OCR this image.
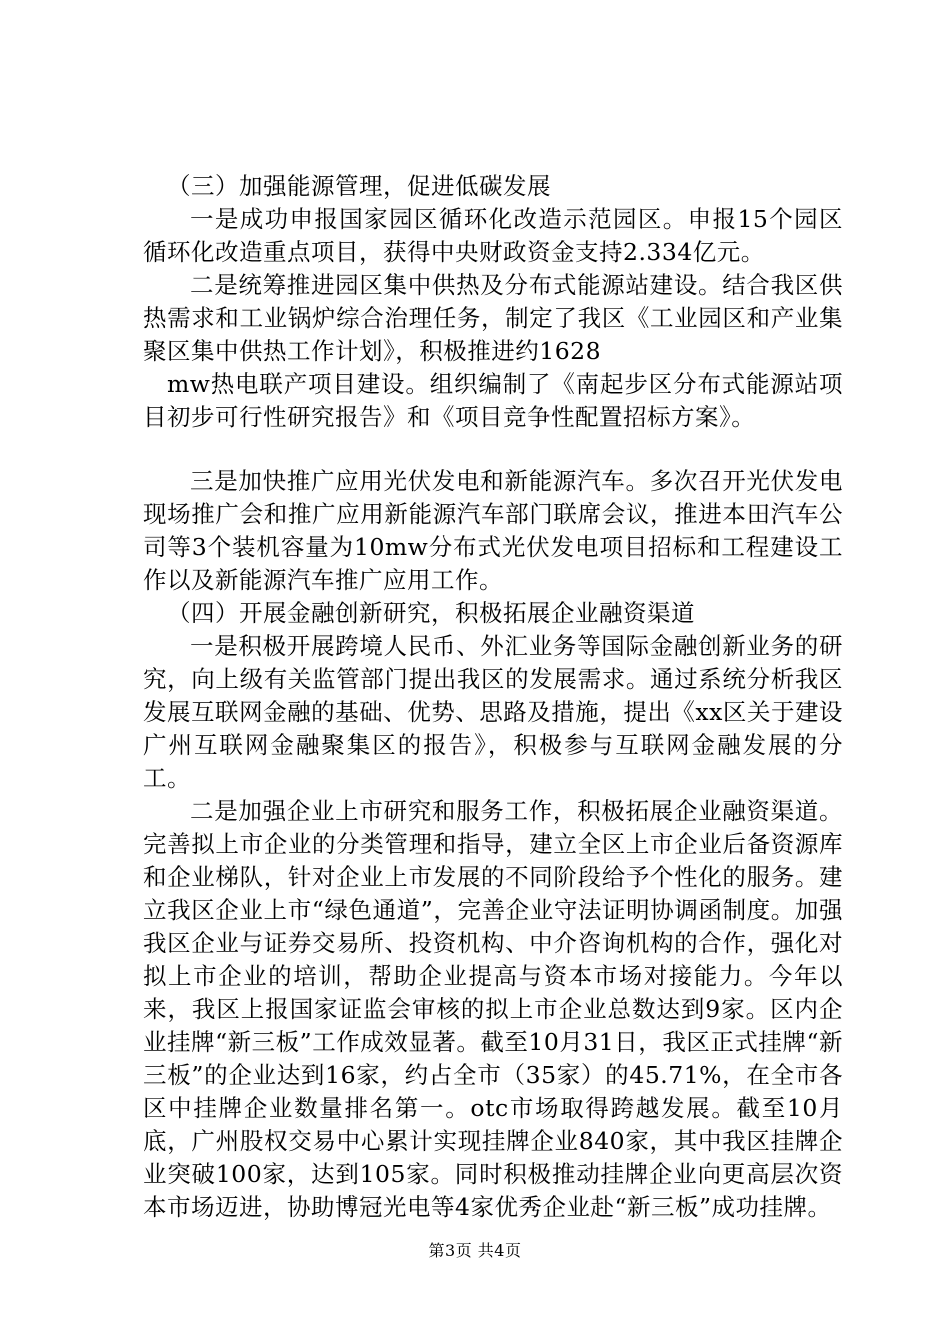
（三）加强能源管理，促进低碳发展

一是成功申报国家园区循环化改造示范园区。申报15个园区循环化改造重点项目，获得中央财政资金支持2.334亿元。

二是统筹推进园区集中供热及分布式能源站建设。结合我区供热需求和工业锅炉综合治理任务，制定了我区《工业园区和产业集聚区集中供热工作计划》，积极推进约1628

mw热电联产项目建设。组织编制了《南起步区分布式能源站项目初步可行性研究报告》和《项目竞争性配置招标方案》。

三是加快推广应用光伏发电和新能源汽车。多次召开光伏发电现场推广会和推广应用新能源汽车部门联席会议，推进本田汽车公司等3个装机容量为10mw分布式光伏发电项目招标和工程建设工作以及新能源汽车推广应用工作。

（四）开展金融创新研究，积极拓展企业融资渠道

一是积极开展跨境人民币、外汇业务等国际金融创新业务的研究，向上级有关监管部门提出我区的发展需求。通过系统分析我区发展互联网金融的基础、优势、思路及措施，提出《xx区关于建设广州互联网金融聚集区的报告》，积极参与互联网金融发展的分工。

二是加强企业上市研究和服务工作，积极拓展企业融资渠道。完善拟上市企业的分类管理和指导，建立全区上市企业后备资源库和企业梯队，针对企业上市发展的不同阶段给予个性化的服务。建立我区企业上市“绿色通道”，完善企业守法证明协调函制度。加强我区企业与证券交易所、投资机构、中介咨询机构的合作，强化对拟上市企业的培训，帮助企业提高与资本市场对接能力。今年以来，我区上报国家证监会审核的拟上市企业总数达到9家。区内企业挂牌“新三板”工作成效显著。截至10月31日，我区正式挂牌“新三板”的企业达到16家，约占全市（35家）的45.71%，在全市各区中挂牌企业数量排名第一。otc市场取得跨越发展。截至10月底，广州股权交易中心累计实现挂牌企业840家，其中我区挂牌企业突破100家，达到105家。同时积极推动挂牌企业向更高层次资本市场迈进，协助博冠光电等4家优秀企业赴“新三板”成功挂牌。

第3页 共4页
